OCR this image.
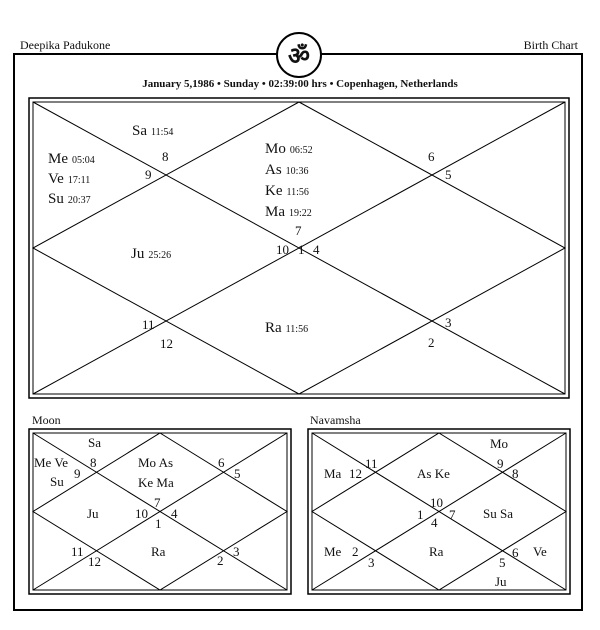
Deepika Padukone	Birth Chart
ॐ
January 5,1986 • Sunday • 02:39:00 hrs • Copenhagen, Netherlands
1
2
3
4
5
6
7
8
9
10
11
12
Sa 11:54
Me 05:04
Ve 17:11
Su 20:37
Mo 06:52
As 10:36
Ke 11:56
Ma 19:22
Ju 25:26
Ra 11:56
Moon	Navamsha
1
2
3
4
5
6
7
8
9
10
11
12
Sa
Me Ve
Su
Mo As
Ke Ma
Ju
Ra
1
2
3
4
5
6
7
8
9
10
11
12
Mo
Ma	As Ke
Su Sa
Me	Ra	Ve
Ju
